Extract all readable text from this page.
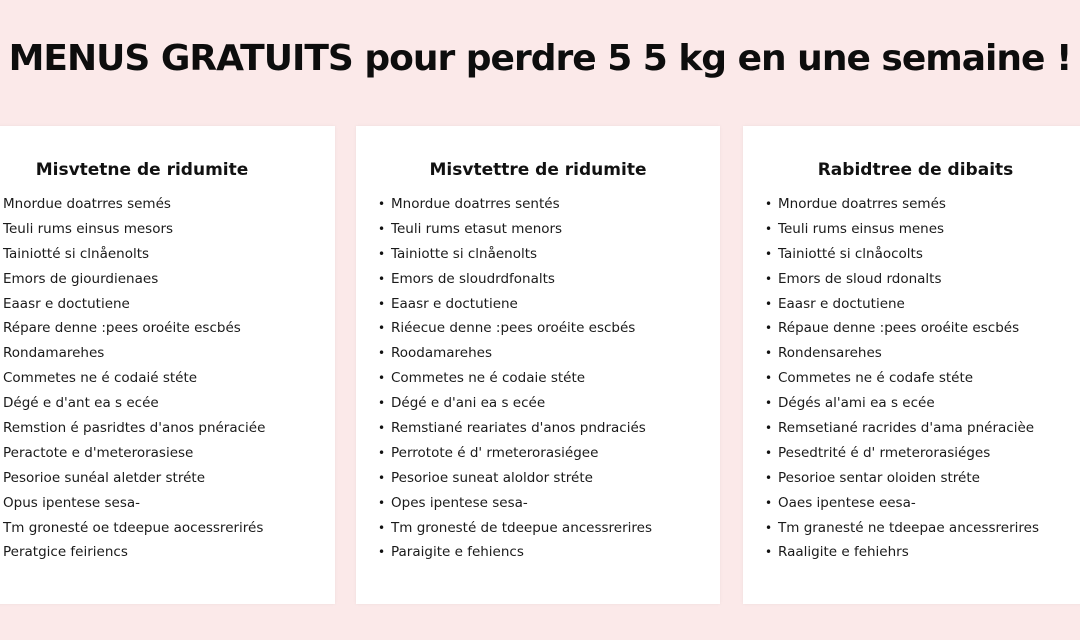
MENUS GRATUITS pour perdre 5 5 kg en une semaine !
Misvtetne de ridumite
Mnordue doatrres semés
Teuli rums einsus mesors
Tainiotté si clnåenolts
Emors de giourdienaes
Eaasr e doctutiene
Répare denne :pees oroéite escbés
Rondamarehes
Commetes ne é codaié stéte
Dégé e d'ant ea s ecée
Remstion é pasridtes d'anos pnéraciée
Peractote e d'meterorasiese
Pesorioe sunéal aletder stréte
Opus ipentese sesa-
Tm gronesté oe tdeepue aocessrerirés
Peratgice feiriencs
Misvtettre de ridumite
• Mnordue doatrres sentés
• Teuli rums etasut menors
• Tainiotte si clnåenolts
• Emors de sloudrdfonalts
• Eaasr e doctutiene
• Riéecue denne :pees oroéite escbés
• Roodamarehes
• Commetes ne é codaie stéte
• Dégé e d'ani ea s ecée
• Remstiané reariates d'anos pndraciés
• Perrotote é d' rmeterorasiégee
• Pesorioe suneat aloldor stréte
• Opes ipentese sesa-
• Tm gronesté de tdeepue ancessrerires
• Paraigite e fehiencs
Rabidtree de dibaits
• Mnordue doatrres semés
• Teuli rums einsus menes
• Tainiotté si clnåocolts
• Emors de sloud rdonalts
• Eaasr e doctutiene
• Répaue denne :pees oroéite escbés
• Rondensarehes
• Commetes ne é codafe stéte
• Dégés al'ami ea s ecée
• Remsetiané racrides d'ama pnéracièe
• Pesedtrité é d' rmeterorasiéges
• Pesorioe sentar oloiden stréte
• Oaes ipentese eesa-
• Tm granesté ne tdeepae ancessrerires
• Raaligite e fehiehrs
